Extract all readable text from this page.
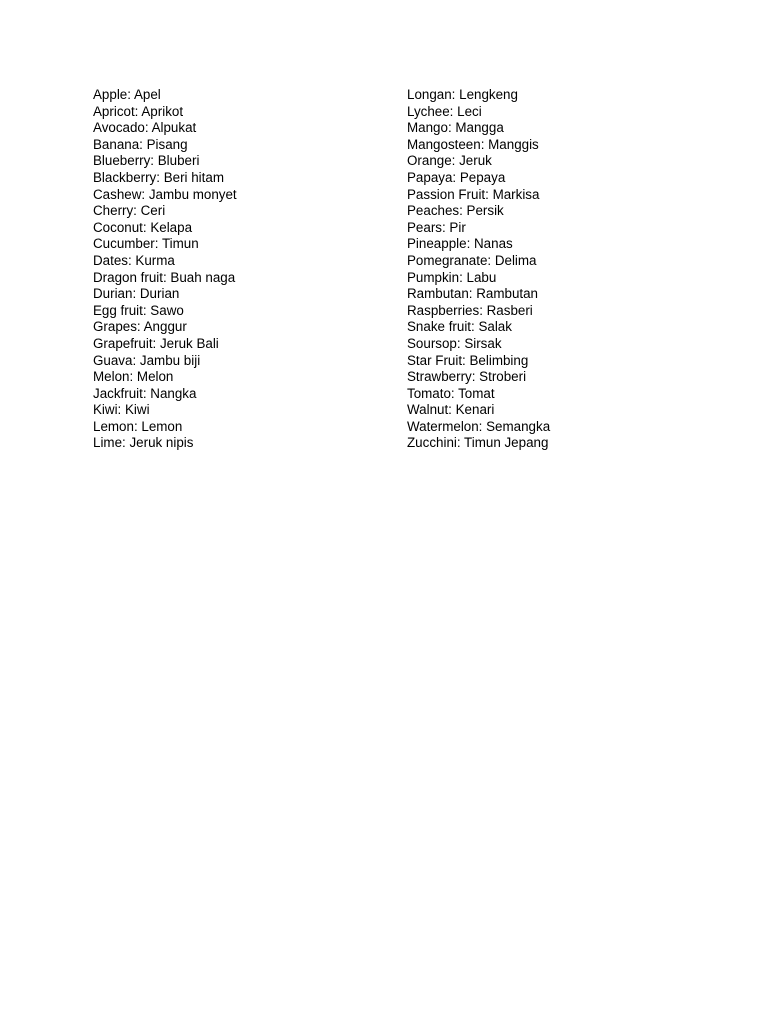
Apple: Apel
Apricot: Aprikot
Avocado: Alpukat
Banana: Pisang
Blueberry: Bluberi
Blackberry: Beri hitam
Cashew: Jambu monyet
Cherry: Ceri
Coconut: Kelapa
Cucumber: Timun
Dates: Kurma
Dragon fruit: Buah naga
Durian: Durian
Egg fruit: Sawo
Grapes: Anggur
Grapefruit: Jeruk Bali
Guava: Jambu biji
Melon: Melon
Jackfruit: Nangka
Kiwi: Kiwi
Lemon: Lemon
Lime: Jeruk nipis
Longan: Lengkeng
Lychee: Leci
Mango: Mangga
Mangosteen: Manggis
Orange: Jeruk
Papaya: Pepaya
Passion Fruit: Markisa
Peaches: Persik
Pears: Pir
Pineapple: Nanas
Pomegranate: Delima
Pumpkin: Labu
Rambutan: Rambutan
Raspberries: Rasberi
Snake fruit: Salak
Soursop: Sirsak
Star Fruit: Belimbing
Strawberry: Stroberi
Tomato: Tomat
Walnut: Kenari
Watermelon: Semangka
Zucchini: Timun Jepang
